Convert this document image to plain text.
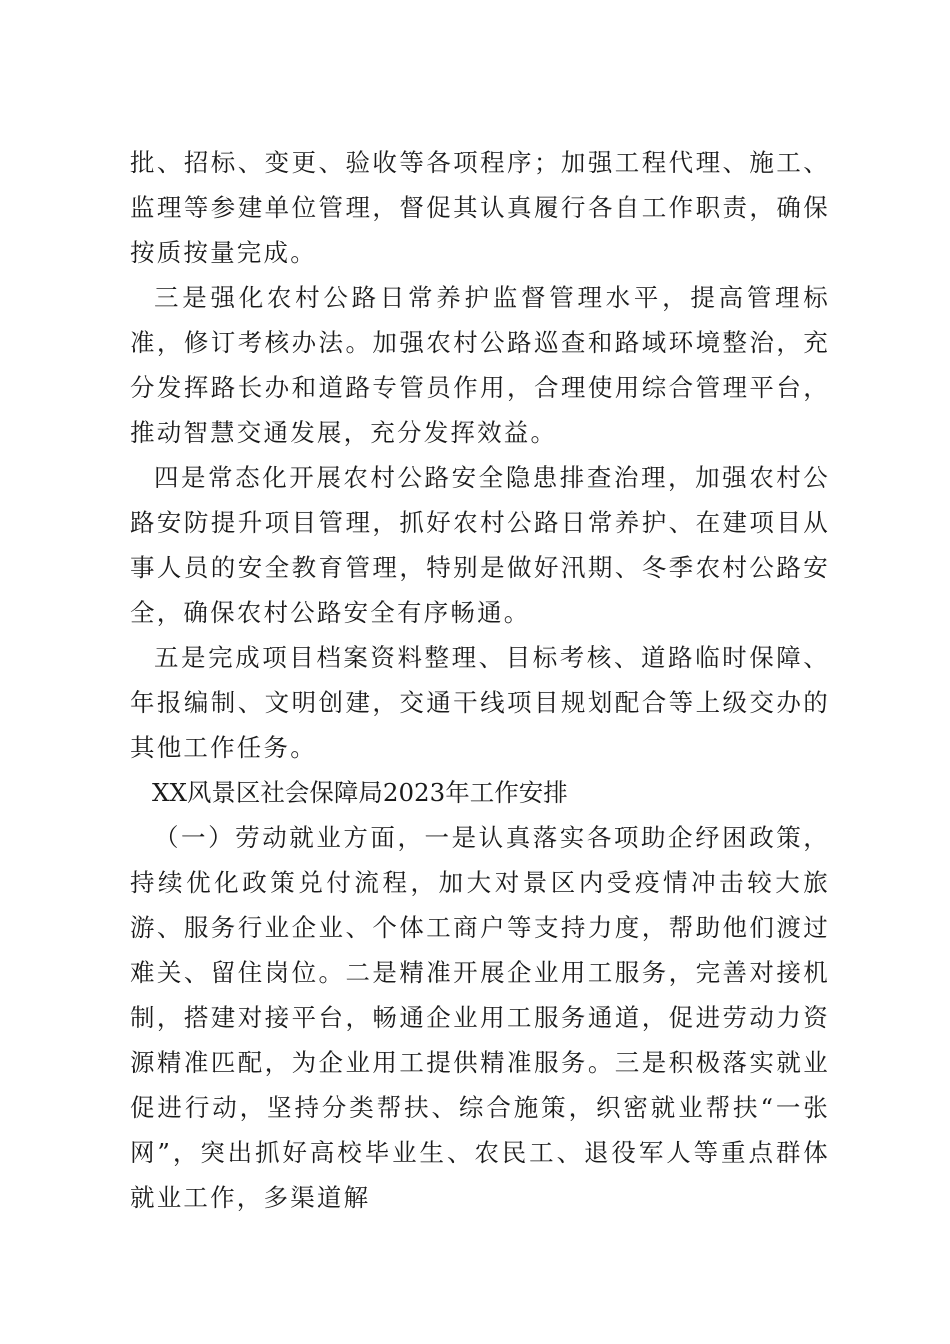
批、招标、变更、验收等各项程序；加强工程代理、施工、监理等参建单位管理，督促其认真履行各自工作职责，确保按质按量完成。

三是强化农村公路日常养护监督管理水平，提高管理标准，修订考核办法。加强农村公路巡查和路域环境整治，充分发挥路长办和道路专管员作用，合理使用综合管理平台，推动智慧交通发展，充分发挥效益。

四是常态化开展农村公路安全隐患排查治理，加强农村公路安防提升项目管理，抓好农村公路日常养护、在建项目从事人员的安全教育管理，特别是做好汛期、冬季农村公路安全，确保农村公路安全有序畅通。

五是完成项目档案资料整理、目标考核、道路临时保障、年报编制、文明创建，交通干线项目规划配合等上级交办的其他工作任务。

XX风景区社会保障局2023年工作安排

（一）劳动就业方面，一是认真落实各项助企纾困政策，持续优化政策兑付流程，加大对景区内受疫情冲击较大旅游、服务行业企业、个体工商户等支持力度，帮助他们渡过难关、留住岗位。二是精准开展企业用工服务，完善对接机制，搭建对接平台，畅通企业用工服务通道，促进劳动力资源精准匹配，为企业用工提供精准服务。三是积极落实就业促进行动，坚持分类帮扶、综合施策，织密就业帮扶“一张网”，突出抓好高校毕业生、农民工、退役军人等重点群体就业工作，多渠道解
